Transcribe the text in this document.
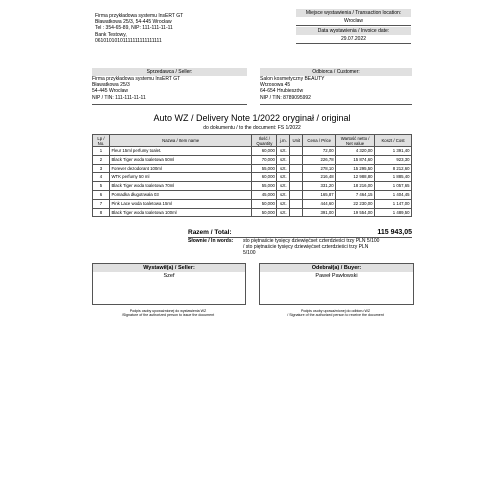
Firma przykładowa systemu InsERT GT
Bławatkowa 25/3, 54-445 Wrocław
Tel : 354-65-89, NIP: 111-111-11-11
Bank Testowy,
06101010101111111111111111
Miejsce wystawienia / Transaction location:
Wrocław
Data wystawienia / Invoice date:
29.07.2022
Sprzedawca / Seller:
Firma przykładowa systemu InsERT GT
Bławatkowa 25/3
54-445 Wrocław
NIP / TIN: 111-111-11-11
Odbiorca / Customer:
Salon kosmetyczny BEAUTY
Wrzosowa 45
64-654 Hrubieszów
NIP / TIN: 8789095992
Auto WZ / Delivery Note 1/2022 oryginał / original
do dokumentu / to the document: FS 1/2022
Lp / No.	Nazwa / Item name	Ilość / Quantity	j.m.	Unit	Cena / Price	Wartość netto / Net value	Koszt / Cost
1	Fleur 15ml perfumy toalet.	60,000	szt.		72,00	4 320,00	1 391,40
2	Black Tiger woda toaletowa 50ml	70,000	szt.		226,78	15 874,60	923,30
3	Forever dezodorant 100ml	55,000	szt.		278,10	15 295,50	8 212,60
4	WTK perfumy 50 ml	60,000	szt.		216,48	12 988,80	1 885,40
5	Black Tiger woda toaletowa 70ml	55,000	szt.		331,20	18 216,00	1 057,65
6	Pomadka długotrwała 03	45,000	szt.		165,87	7 464,15	1 404,45
7	Pink Lace woda toaletowa 15ml	50,000	szt.		444,60	22 230,00	1 147,00
8	Black Tiger woda toaletowa 100ml	50,000	szt.		391,00	19 554,00	1 489,50
Razem / Total:	115 943,05
Słownie / In words: sto piętnaście tysięcy dziewięćset czterdzieści trzy PLN 5/100
/ sto piętnaście tysięcy dziewięćset czterdzieści trzy PLN
5/100
Wystawił(a) / Seller:
Szef
Odebrał(a) / Buyer:
Paweł Pawłowski
Podpis osoby upoważnionej do wystawienia WZ
/Signature of the authorized person to issue the document
Podpis osoby upoważnionej do odbioru WZ
/ Signature of the authorized person to receive the document
